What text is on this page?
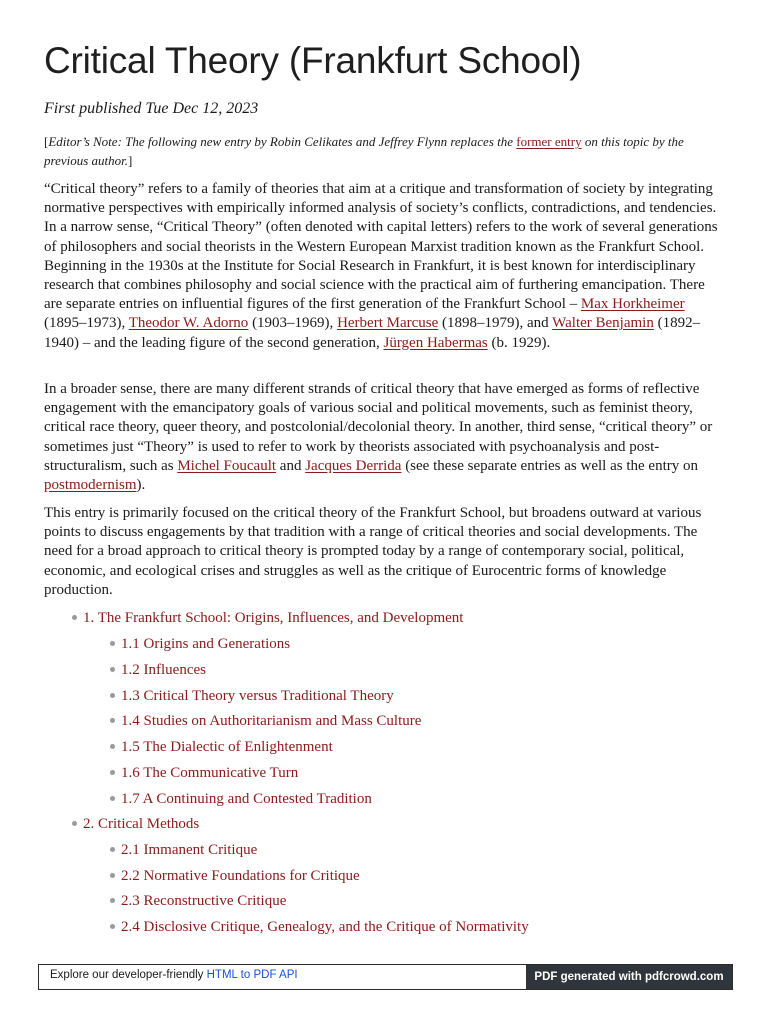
Critical Theory (Frankfurt School)

First published Tue Dec 12, 2023

[Editor’s Note: The following new entry by Robin Celikates and Jeffrey Flynn replaces the former entry on this topic by the previous author.]

“Critical theory” refers to a family of theories that aim at a critique and transformation of society by integrating normative perspectives with empirically informed analysis of society’s conflicts, contradictions, and tendencies. In a narrow sense, “Critical Theory” (often denoted with capital letters) refers to the work of several generations of philosophers and social theorists in the Western European Marxist tradition known as the Frankfurt School. Beginning in the 1930s at the Institute for Social Research in Frankfurt, it is best known for interdisciplinary research that combines philosophy and social science with the practical aim of furthering emancipation. There are separate entries on influential figures of the first generation of the Frankfurt School – Max Horkheimer (1895–1973), Theodor W. Adorno (1903–1969), Herbert Marcuse (1898–1979), and Walter Benjamin (1892–1940) – and the leading figure of the second generation, Jürgen Habermas (b. 1929).

In a broader sense, there are many different strands of critical theory that have emerged as forms of reflective engagement with the emancipatory goals of various social and political movements, such as feminist theory, critical race theory, queer theory, and postcolonial/decolonial theory. In another, third sense, “critical theory” or sometimes just “Theory” is used to refer to work by theorists associated with psychoanalysis and post-structuralism, such as Michel Foucault and Jacques Derrida (see these separate entries as well as the entry on postmodernism).

This entry is primarily focused on the critical theory of the Frankfurt School, but broadens outward at various points to discuss engagements by that tradition with a range of critical theories and social developments. The need for a broad approach to critical theory is prompted today by a range of contemporary social, political, economic, and ecological crises and struggles as well as the critique of Eurocentric forms of knowledge production.

1. The Frankfurt School: Origins, Influences, and Development
1.1 Origins and Generations
1.2 Influences
1.3 Critical Theory versus Traditional Theory
1.4 Studies on Authoritarianism and Mass Culture
1.5 The Dialectic of Enlightenment
1.6 The Communicative Turn
1.7 A Continuing and Contested Tradition
2. Critical Methods
2.1 Immanent Critique
2.2 Normative Foundations for Critique
2.3 Reconstructive Critique
2.4 Disclosive Critique, Genealogy, and the Critique of Normativity
Explore our developer-friendly HTML to PDF API	PDF generated with pdfcrowd.com
